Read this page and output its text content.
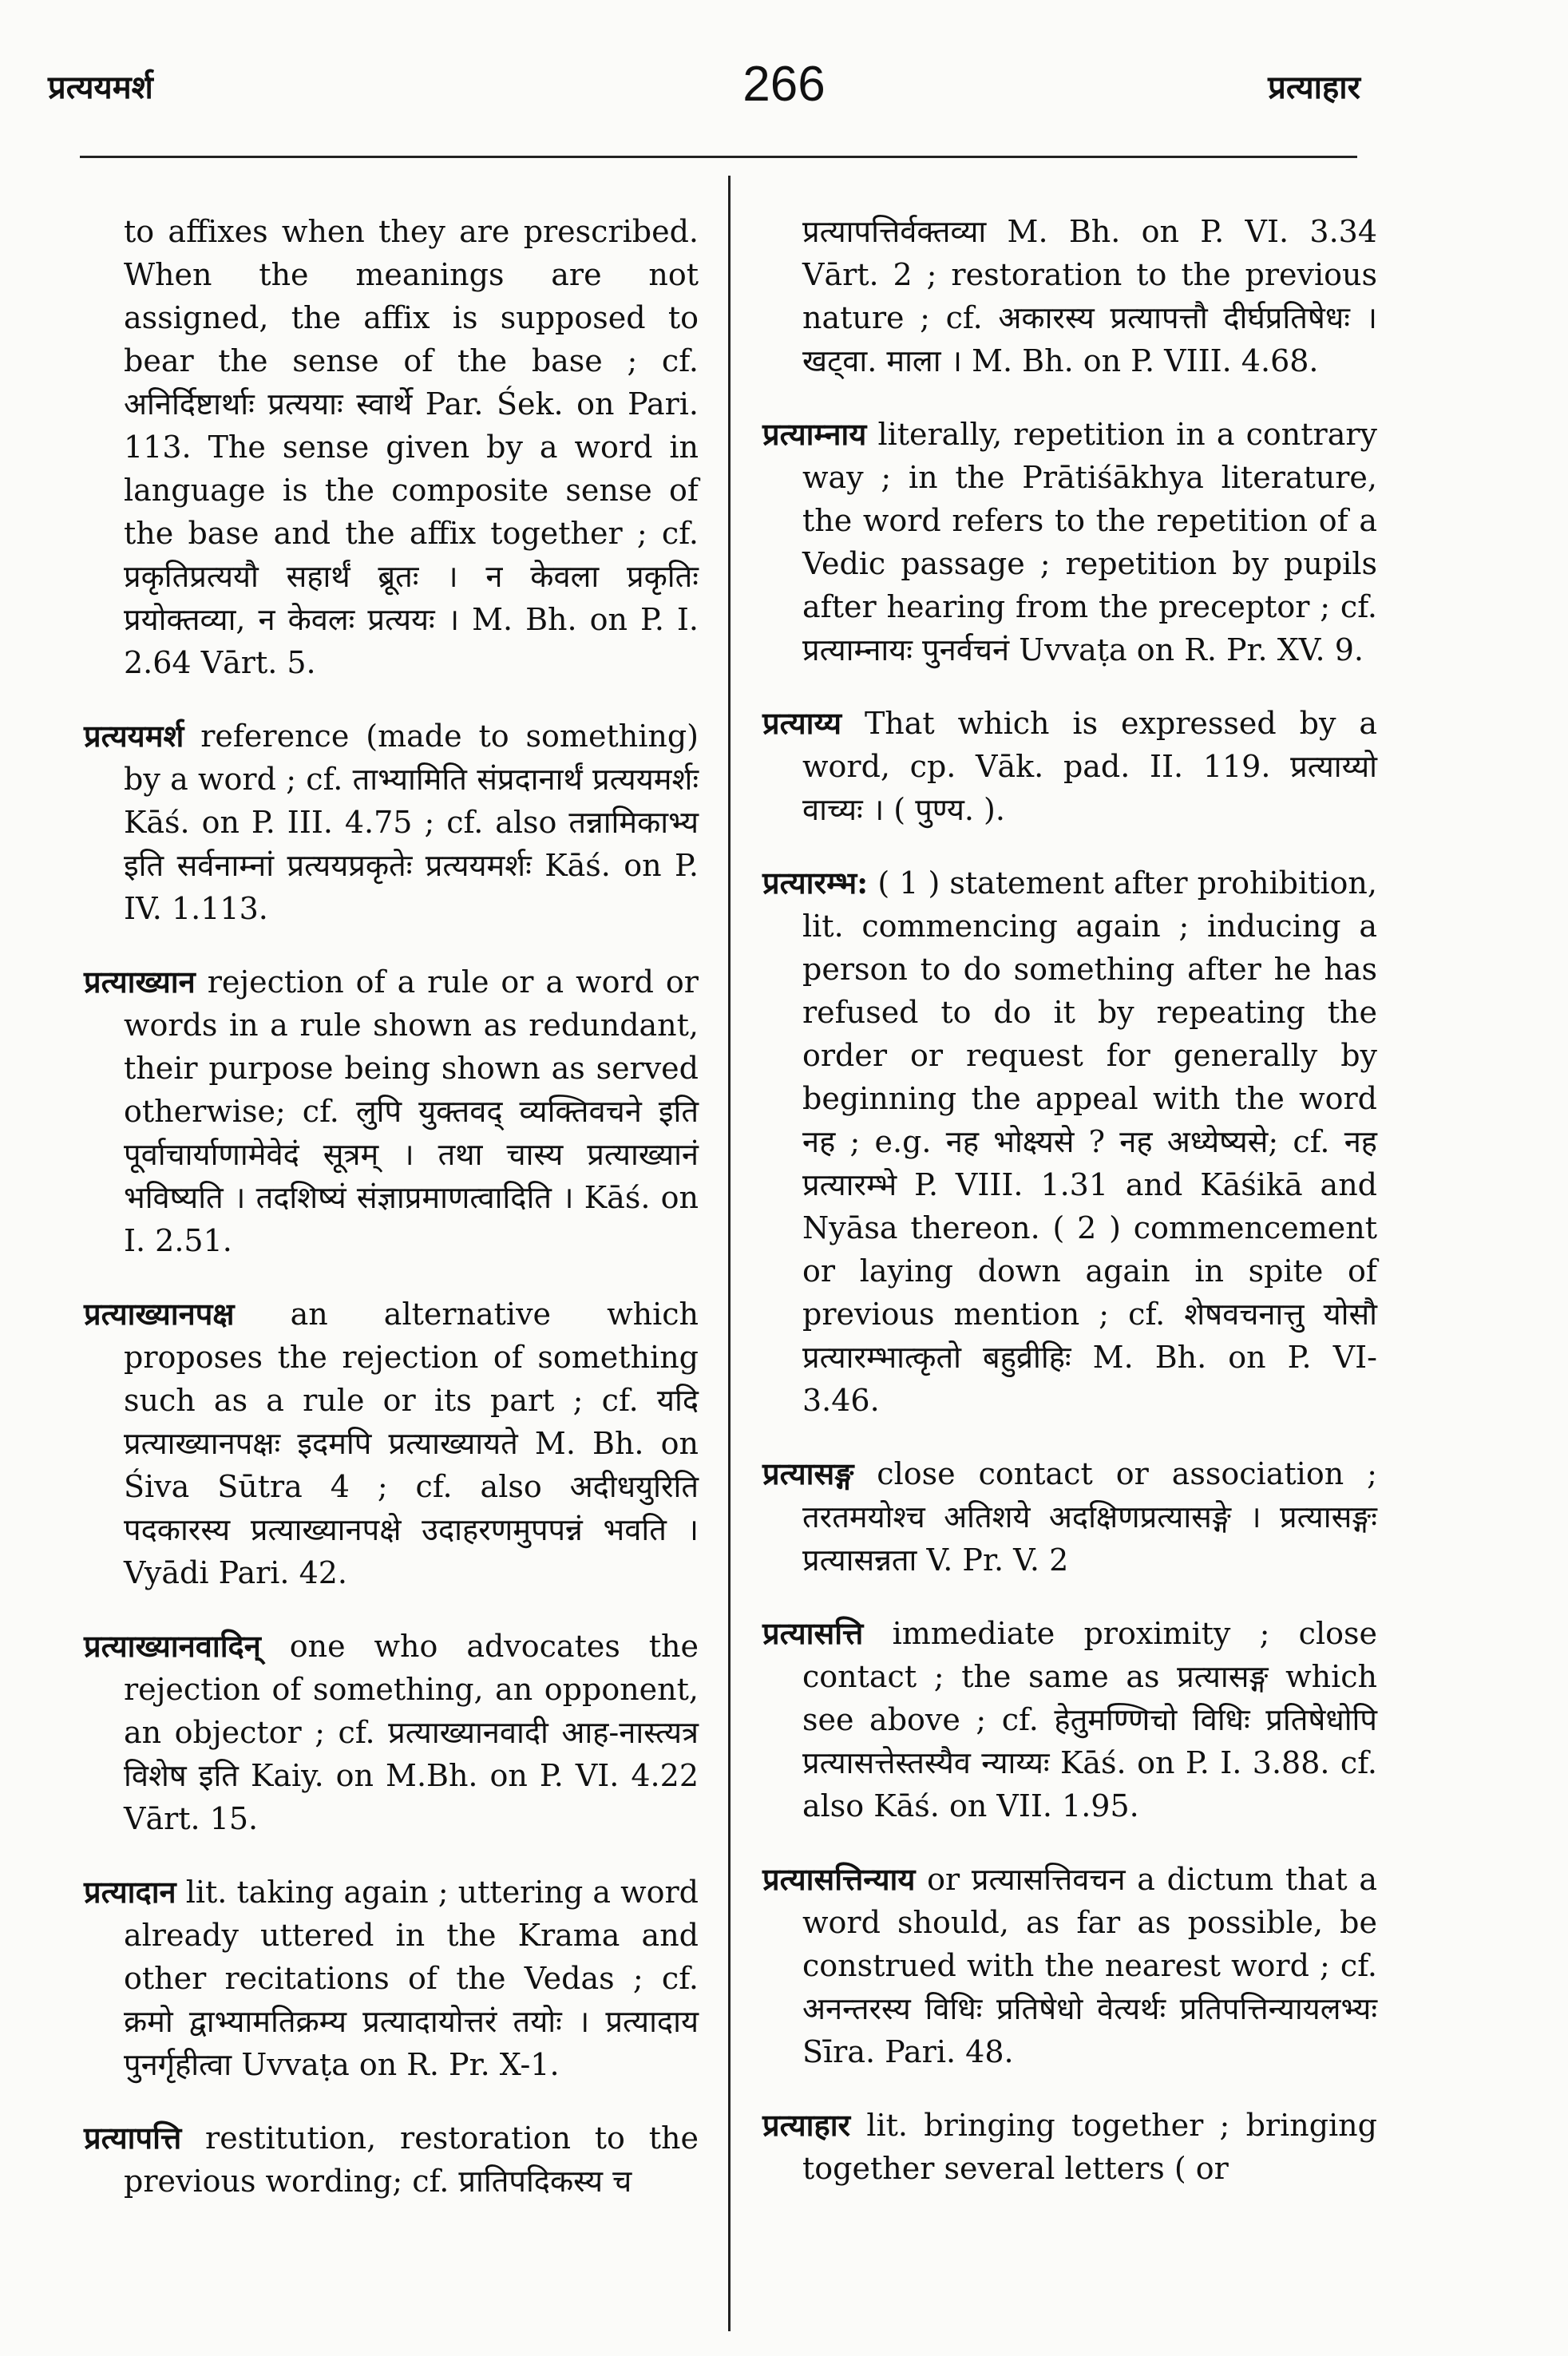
प्रत्ययमर्श	266	प्रत्याहार

to affixes when they are prescribed. When the meanings are not assigned, the affix is supposed to bear the sense of the base ; cf. अनिर्दिष्टार्थाः प्रत्ययाः स्वार्थे Par. Śek. on Pari. 113. The sense given by a word in language is the composite sense of the base and the affix together ; cf. प्रकृतिप्रत्ययौ सहार्थं ब्रूतः । न केवला प्रकृतिः प्रयोक्तव्या, न केवलः प्रत्ययः । M. Bh. on P. I. 2.64 Vārt. 5.

प्रत्ययमर्श reference (made to something) by a word ; cf. ताभ्यामिति संप्रदानार्थं प्रत्ययमर्शः Kāś. on P. III. 4.75 ; cf. also तन्नामिकाभ्य इति सर्वनाम्नां प्रत्ययप्रकृतेः प्रत्ययमर्शः Kāś. on P. IV. 1.113.

प्रत्याख्यान rejection of a rule or a word or words in a rule shown as redundant, their purpose being shown as served otherwise; cf. लुपि युक्तवद् व्यक्तिवचने इति पूर्वाचार्याणामेवेदं सूत्रम् । तथा चास्य प्रत्याख्यानं भविष्यति । तदशिष्यं संज्ञाप्रमाणत्वादिति । Kāś. on I. 2.51.

प्रत्याख्यानपक्ष an alternative which proposes the rejection of something such as a rule or its part ; cf. यदि प्रत्याख्यानपक्षः इदमपि प्रत्याख्यायते M. Bh. on Śiva Sūtra 4 ; cf. also अदीधयुरिति पदकारस्य प्रत्याख्यानपक्षे उदाहरणमुपपन्नं भवति । Vyādi Pari. 42.

प्रत्याख्यानवादिन् one who advocates the rejection of something, an opponent, an objector ; cf. प्रत्याख्यानवादी आह-नास्त्यत्र विशेष इति Kaiy. on M.Bh. on P. VI. 4.22 Vārt. 15.

प्रत्यादान lit. taking again ; uttering a word already uttered in the Krama and other recitations of the Vedas ; cf. क्रमो द्वाभ्यामतिक्रम्य प्रत्यादायोत्तरं तयोः । प्रत्यादाय पुनर्गृहीत्वा Uvvaṭa on R. Pr. X-1.

प्रत्यापत्ति restitution, restoration to the previous wording; cf. प्रातिपदिकस्य च

प्रत्यापत्तिर्वक्तव्या M. Bh. on P. VI. 3.34 Vārt. 2 ; restoration to the previous nature ; cf. अकारस्य प्रत्यापत्तौ दीर्घप्रतिषेधः । खट्वा. माला । M. Bh. on P. VIII. 4.68.

प्रत्याम्नाय literally, repetition in a contrary way ; in the Prātiśākhya literature, the word refers to the repetition of a Vedic passage ; repetition by pupils after hearing from the preceptor ; cf. प्रत्याम्नायः पुनर्वचनं Uvvaṭa on R. Pr. XV. 9.

प्रत्याय्य That which is expressed by a word, cp. Vāk. pad. II. 119. प्रत्याय्यो वाच्यः । ( पुण्य. ).

प्रत्यारम्भ: ( 1 ) statement after prohibition, lit. commencing again ; inducing a person to do something after he has refused to do it by repeating the order or request for generally by beginning the appeal with the word नह ; e.g. नह भोक्ष्यसे ? नह अध्येष्यसे; cf. नह प्रत्यारम्भे P. VIII. 1.31 and Kāśikā and Nyāsa thereon. ( 2 ) commencement or laying down again in spite of previous mention ; cf. शेषवचनात्तु योसौ प्रत्यारम्भात्कृतो बहुव्रीहिः M. Bh. on P. VI-3.46.

प्रत्यासङ्ग close contact or association ; तरतमयोश्च अतिशये अदक्षिणप्रत्यासङ्गे । प्रत्यासङ्गः प्रत्यासन्नता V. Pr. V. 2

प्रत्यासत्ति immediate proximity ; close contact ; the same as प्रत्यासङ्ग which see above ; cf. हेतुमण्णिचो विधिः प्रतिषेधोपि प्रत्यासत्तेस्तस्यैव न्याय्यः Kāś. on P. I. 3.88. cf. also Kāś. on VII. 1.95.

प्रत्यासत्तिन्याय or प्रत्यासत्तिवचन a dictum that a word should, as far as possible, be construed with the nearest word ; cf. अनन्तरस्य विधिः प्रतिषेधो वेत्यर्थः प्रतिपत्तिन्यायलभ्यः Sīra. Pari. 48.

प्रत्याहार lit. bringing together ; bringing together several letters ( or
